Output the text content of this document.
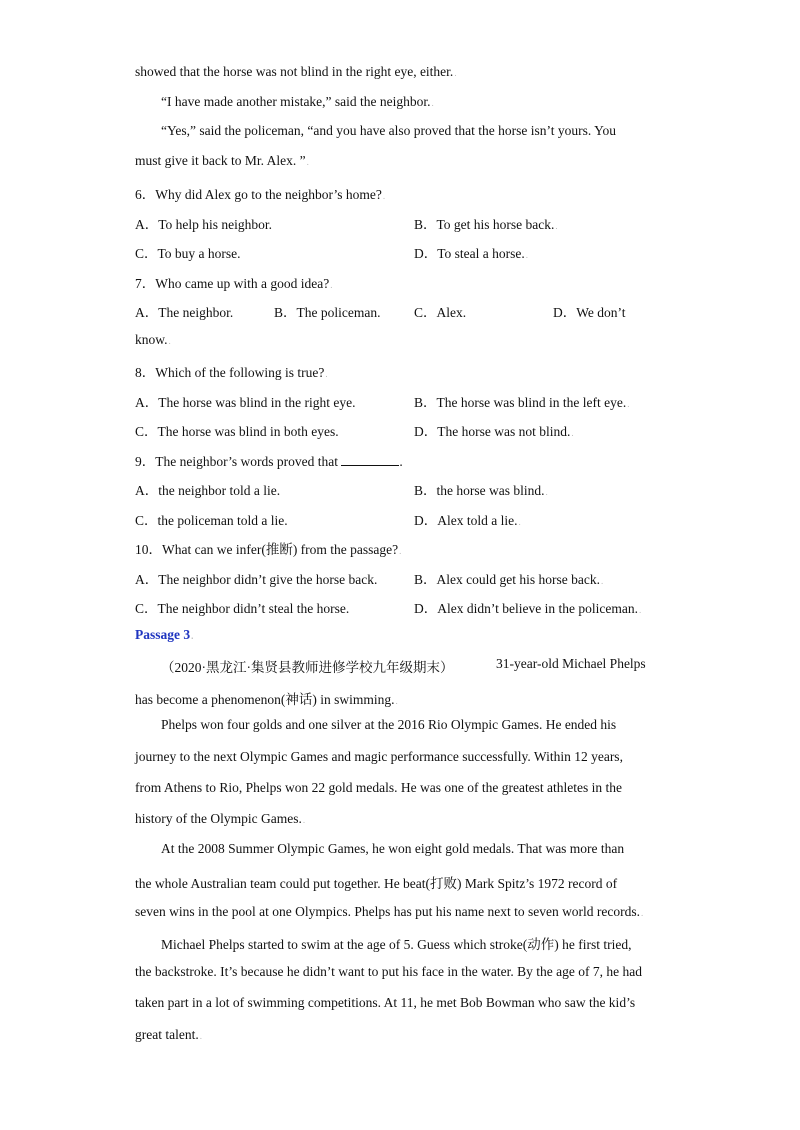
showed that the horse was not blind in the right eye, either..
“I have made another mistake,” said the neighbor..
“Yes,” said the policeman, “and you have also proved that the horse isn’t yours. You
must give it back to Mr. Alex. ”.
6．Why did Alex go to the neighbor’s home?.
A．To help his neighbor.	B．To get his horse back..
C．To buy a horse.	D．To steal a horse..
7．Who came up with a good idea?.
A．The neighbor.	B．The policeman. C．Alex.	D．We don’t
know..
8．Which of the following is true?.
A．The horse was blind in the right eye.	B．The horse was blind in the left eye..
C．The horse was blind in both eyes.	D．The horse was not blind..
9．The neighbor’s words proved that	.
A．the neighbor told a lie.	B．the horse was blind..
C．the policeman told a lie.	D．Alex told a lie..
10．What can we infer(推断) from the passage?.
A．The neighbor didn’t give the horse back.	B．Alex could get his horse back..
C．The neighbor didn’t steal the horse.	D．Alex didn’t believe in the policeman..
Passage 3.
（2020·黑龙江·集贤县教师进修学校九年级期末）	31-year-old Michael Phelps
has become a phenomenon(神话) in swimming..
Phelps won four golds and one silver at the 2016 Rio Olympic Games. He ended his
journey to the next Olympic Games and magic performance successfully. Within 12 years,
from Athens to Rio, Phelps won 22 gold medals. He was one of the greatest athletes in the
history of the Olympic Games..
At the 2008 Summer Olympic Games, he won eight gold medals. That was more than
the whole Australian team could put together. He beat(打败) Mark Spitz’s 1972 record of
seven wins in the pool at one Olympics. Phelps has put his name next to seven world records..
Michael Phelps started to swim at the age of 5. Guess which stroke(动作) he first tried,
the backstroke. It’s because he didn’t want to put his face in the water. By the age of 7, he had
taken part in a lot of swimming competitions. At 11, he met Bob Bowman who saw the kid’s
great talent..
